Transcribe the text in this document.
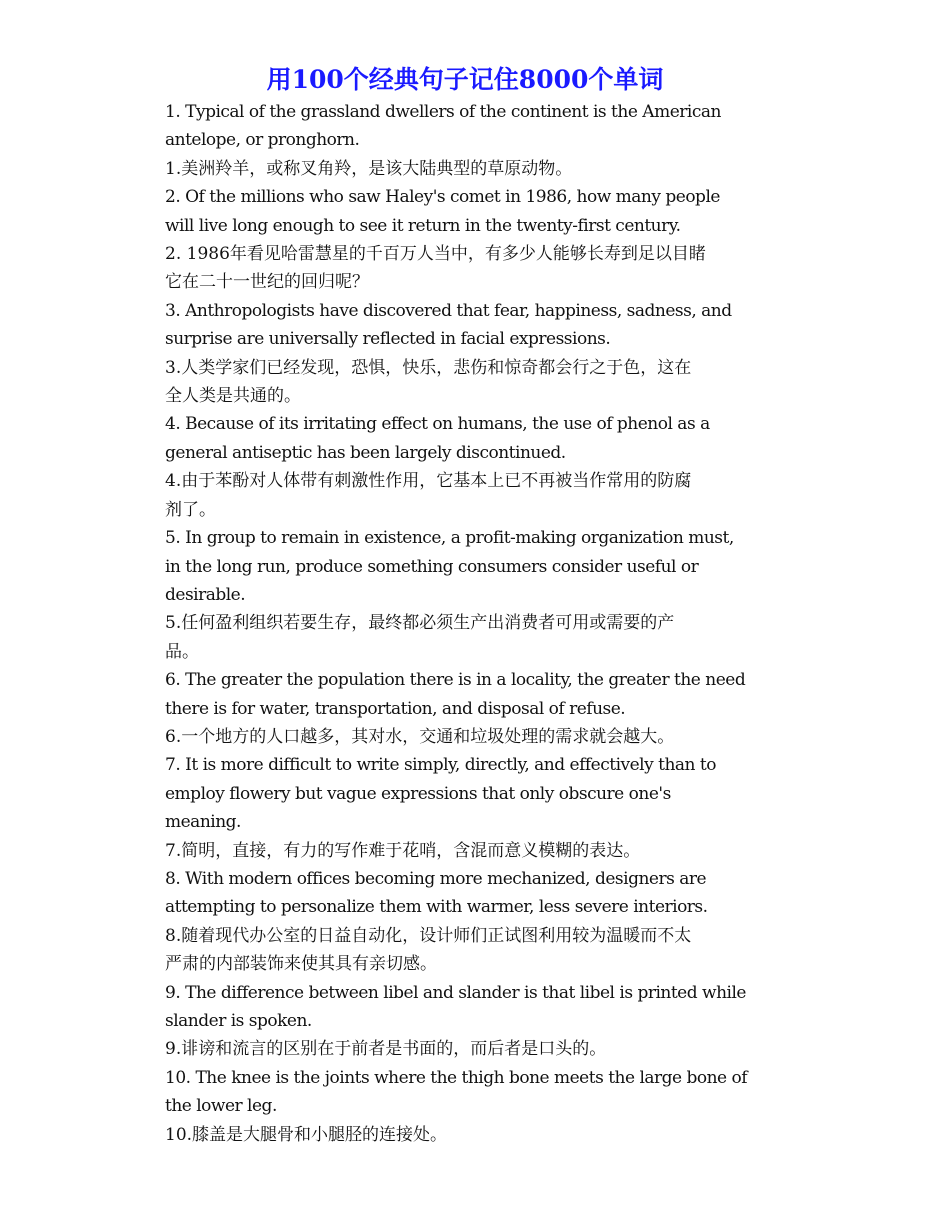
用100个经典句子记住8000个单词

1. Typical of the grassland dwellers of the continent is the American

antelope, or pronghorn.

1.美洲羚羊，或称叉角羚，是该大陆典型的草原动物。

2. Of the millions who saw Haley's comet in 1986, how many people

will live long enough to see it return in the twenty-first century.

2. 1986年看见哈雷慧星的千百万人当中，有多少人能够长寿到足以目睹

它在二十一世纪的回归呢？

3. Anthropologists have discovered that fear, happiness, sadness, and

surprise are universally reflected in facial expressions.

3.人类学家们已经发现，恐惧，快乐，悲伤和惊奇都会行之于色，这在

全人类是共通的。

4. Because of its irritating effect on humans, the use of phenol as a

general antiseptic has been largely discontinued.

4.由于苯酚对人体带有刺激性作用，它基本上已不再被当作常用的防腐

剂了。

5. In group to remain in existence, a profit-making organization must,

in the long run, produce something consumers consider useful or

desirable.

5.任何盈利组织若要生存，最终都必须生产出消费者可用或需要的产

品。

6. The greater the population there is in a locality, the greater the need

there is for water, transportation, and disposal of refuse.

6.一个地方的人口越多，其对水，交通和垃圾处理的需求就会越大。

7. It is more difficult to write simply, directly, and effectively than to

employ flowery but vague expressions that only obscure one's

meaning.

7.简明，直接，有力的写作难于花哨，含混而意义模糊的表达。

8. With modern offices becoming more mechanized, designers are

attempting to personalize them with warmer, less severe interiors.

8.随着现代办公室的日益自动化，设计师们正试图利用较为温暖而不太

严肃的内部装饰来使其具有亲切感。

9. The difference between libel and slander is that libel is printed while

slander is spoken.

9.诽谤和流言的区别在于前者是书面的，而后者是口头的。

10. The knee is the joints where the thigh bone meets the large bone of

the lower leg.

10.膝盖是大腿骨和小腿胫的连接处。
